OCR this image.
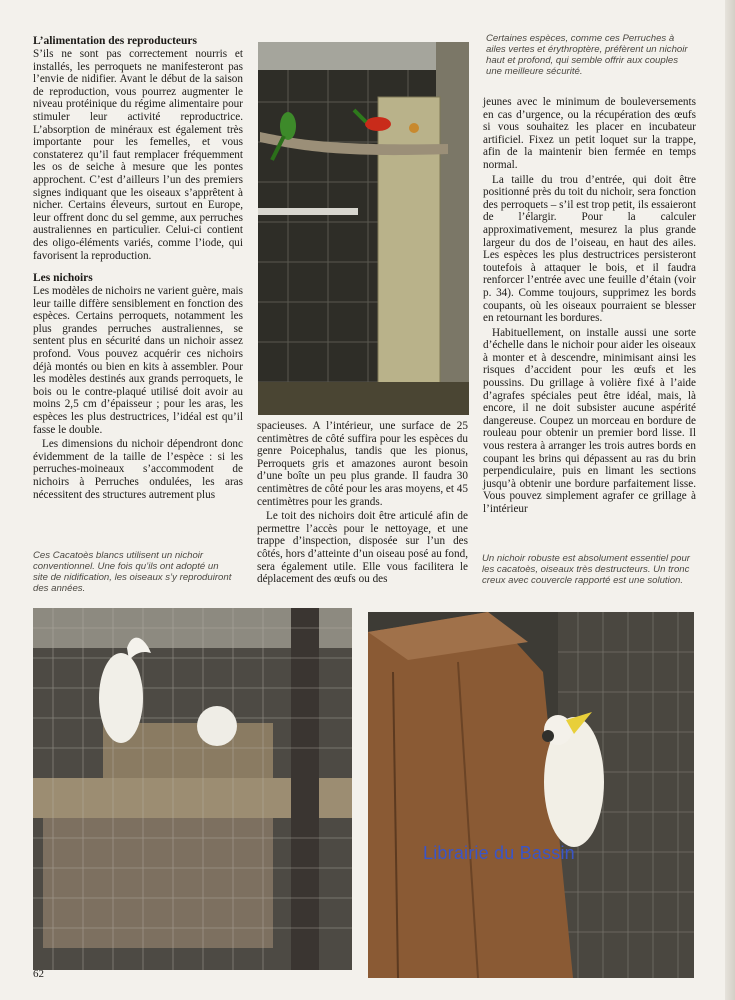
L’alimentation des reproducteurs

S’ils ne sont pas correctement nourris et installés, les perroquets ne manifesteront pas l’envie de nidifier. Avant le début de la saison de reproduction, vous pourrez augmenter le niveau protéinique du régime alimentaire pour stimuler leur activité reproductrice. L’absorption de minéraux est également très importante pour les femelles, et vous constaterez qu’il faut remplacer fréquemment les os de seiche à mesure que les pontes approchent. C’est d’ailleurs l’un des premiers signes indiquant que les oiseaux s’apprêtent à nicher. Certains éleveurs, surtout en Europe, leur offrent donc du sel gemme, aux perruches australiennes en particulier. Celui-ci contient des oligo-éléments variés, comme l’iode, qui favorisent la reproduction.

Les nichoirs

Les modèles de nichoirs ne varient guère, mais leur taille diffère sensiblement en fonction des espèces. Certains perroquets, notamment les plus grandes perruches australiennes, se sentent plus en sécurité dans un nichoir assez profond. Vous pouvez acquérir ces nichoirs déjà montés ou bien en kits à assembler. Pour les modèles destinés aux grands perroquets, le bois ou le contre-plaqué utilisé doit avoir au moins 2,5 cm d’épaisseur ; pour les aras, les espèces les plus destructrices, l’idéal est qu’il fasse le double.

Les dimensions du nichoir dépendront donc évidemment de la taille de l’espèce : si les perruches-moineaux s’accommodent de nichoirs à Perruches ondulées, les aras nécessitent des structures autrement plus

Certaines espèces, comme ces Perruches à ailes vertes et érythroptère, préfèrent un nichoir haut et profond, qui semble offrir aux couples une meilleure sécurité.

spacieuses. A l’intérieur, une surface de 25 centimètres de côté suffira pour les espèces du genre Poicephalus, tandis que les pionus, Perroquets gris et amazones auront besoin d’une boîte un peu plus grande. Il faudra 30 centimètres de côté pour les aras moyens, et 45 centimètres pour les grands.

Le toit des nichoirs doit être articulé afin de permettre l’accès pour le nettoyage, et une trappe d’inspection, disposée sur l’un des côtés, hors d’atteinte d’un oiseau posé au fond, sera également utile. Elle vous facilitera le déplacement des œufs ou des

jeunes avec le minimum de bouleversements en cas d’urgence, ou la récupération des œufs si vous souhaitez les placer en incubateur artificiel. Fixez un petit loquet sur la trappe, afin de la maintenir bien fermée en temps normal.

La taille du trou d’entrée, qui doit être positionné près du toit du nichoir, sera fonction des perroquets – s’il est trop petit, ils essaieront de l’élargir. Pour la calculer approximativement, mesurez la plus grande largeur du dos de l’oiseau, en haut des ailes. Les espèces les plus destructrices persisteront toutefois à attaquer le bois, et il faudra renforcer l’entrée avec une feuille d’étain (voir p. 34). Comme toujours, supprimez les bords coupants, où les oiseaux pourraient se blesser en retournant les bordures.

Habituellement, on installe aussi une sorte d’échelle dans le nichoir pour aider les oiseaux à monter et à descendre, minimisant ainsi les risques d’accident pour les œufs et les poussins. Du grillage à volière fixé à l’aide d’agrafes spéciales peut être idéal, mais, là encore, il ne doit subsister aucune aspérité dangereuse. Coupez un morceau en bordure de rouleau pour obtenir un premier bord lisse. Il vous restera à arranger les trois autres bords en coupant les brins qui dépassent au ras du brin perpendiculaire, puis en limant les sections jusqu’à obtenir une bordure parfaitement lisse. Vous pouvez simplement agrafer ce grillage à l’intérieur

Ces Cacatoès blancs utilisent un nichoir conventionnel. Une fois qu’ils ont adopté un site de nidification, les oiseaux s’y reproduiront des années.
Un nichoir robuste est absolument essentiel pour les cacatoès, oiseaux très destructeurs. Un tronc creux avec couvercle rapporté est une solution.
Librairie du Bassin
62
